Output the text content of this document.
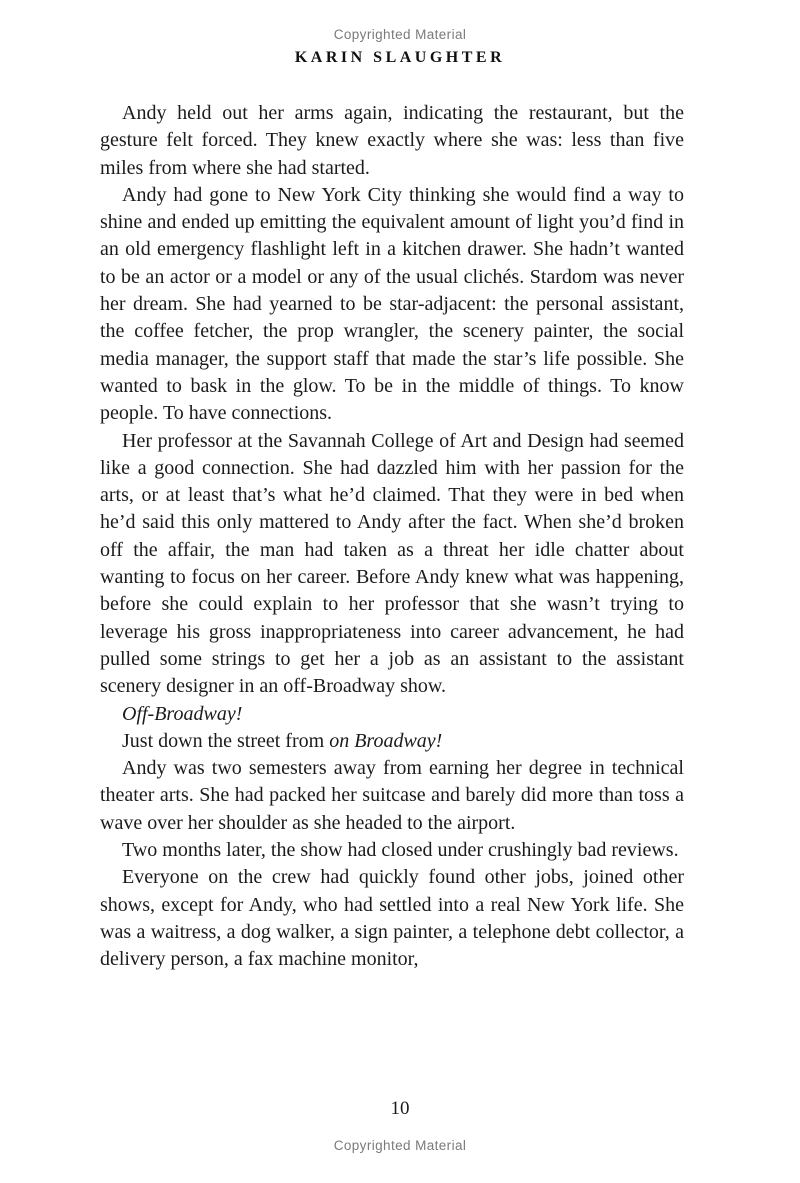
Copyrighted Material
KARIN SLAUGHTER

Andy held out her arms again, indicating the restaurant, but the gesture felt forced. They knew exactly where she was: less than five miles from where she had started.

Andy had gone to New York City thinking she would find a way to shine and ended up emitting the equivalent amount of light you’d find in an old emergency flashlight left in a kitchen drawer. She hadn’t wanted to be an actor or a model or any of the usual clichés. Stardom was never her dream. She had yearned to be star-adjacent: the personal assistant, the coffee fetcher, the prop wrangler, the scenery painter, the social media manager, the support staff that made the star’s life possible. She wanted to bask in the glow. To be in the middle of things. To know people. To have connections.

Her professor at the Savannah College of Art and Design had seemed like a good connection. She had dazzled him with her passion for the arts, or at least that’s what he’d claimed. That they were in bed when he’d said this only mattered to Andy after the fact. When she’d broken off the affair, the man had taken as a threat her idle chatter about wanting to focus on her career. Before Andy knew what was happening, before she could explain to her professor that she wasn’t trying to leverage his gross inappropriateness into career advancement, he had pulled some strings to get her a job as an assistant to the assistant scenery designer in an off-Broadway show.

Off-Broadway!

Just down the street from on Broadway!

Andy was two semesters away from earning her degree in technical theater arts. She had packed her suitcase and barely did more than toss a wave over her shoulder as she headed to the airport.

Two months later, the show had closed under crushingly bad reviews.

Everyone on the crew had quickly found other jobs, joined other shows, except for Andy, who had settled into a real New York life. She was a waitress, a dog walker, a sign painter, a telephone debt collector, a delivery person, a fax machine monitor,

10
Copyrighted Material
